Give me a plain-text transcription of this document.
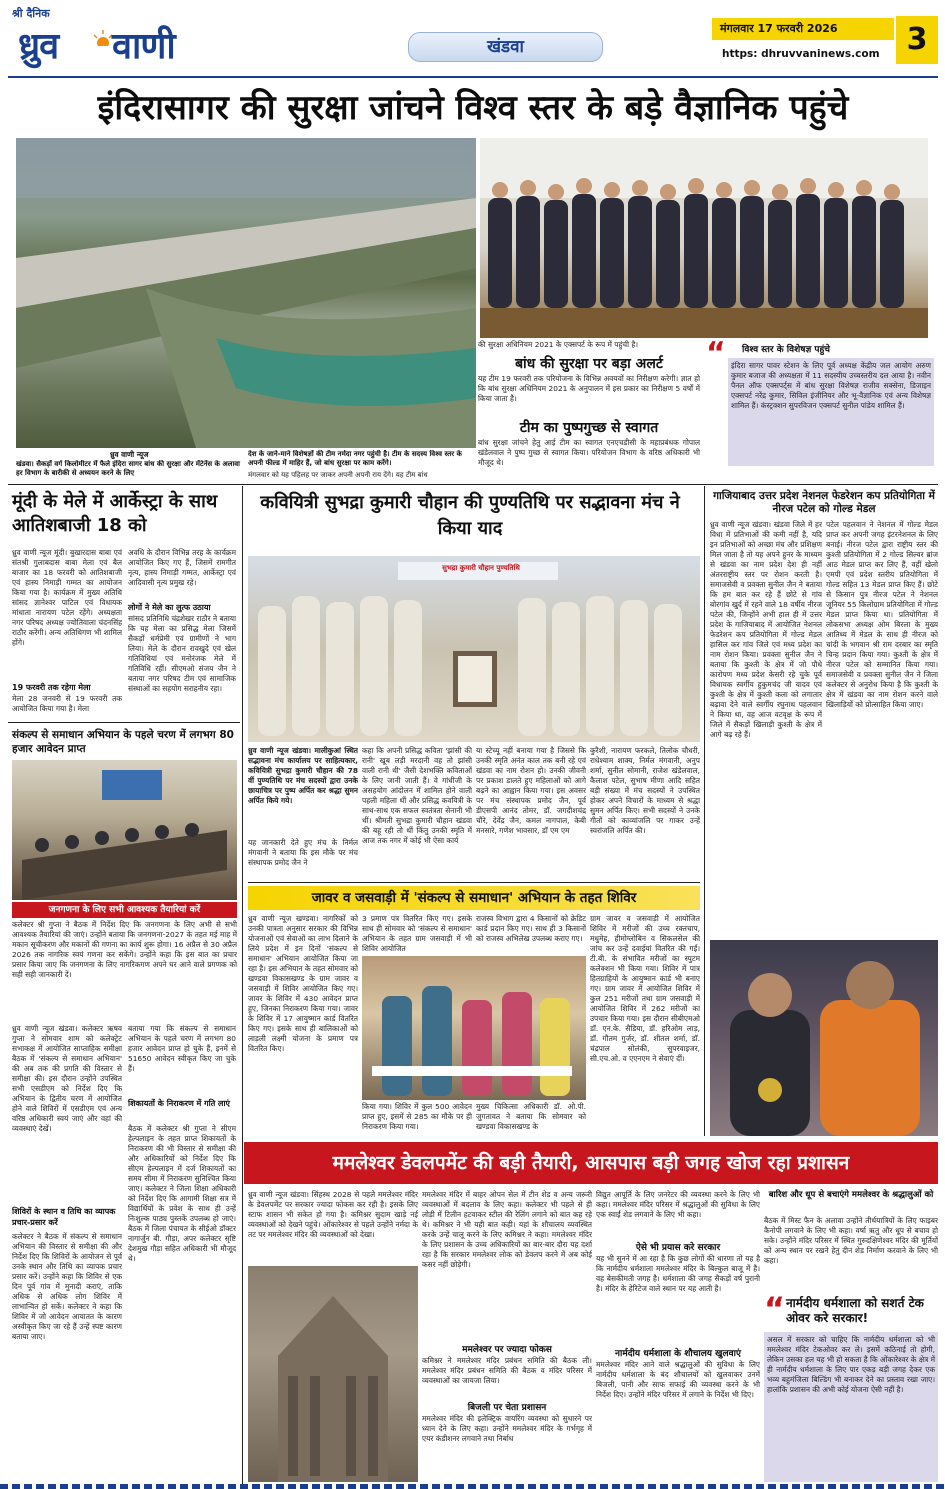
श्री दैनिक
ध्रुव वाणी	खंडवा
मंगलवार 17 फरवरी 2026
https: dhruvvaninews.com 3
इंदिरासागर की सुरक्षा जांचने विश्व स्तर के बड़े वैज्ञानिक पहुंचे
की सुरक्षा अधिनियम 2021 के एक्सपर्ट के रूप में पहुंची है।
बांध की सुरक्षा पर बड़ा अलर्ट
यह टीम 19 फरवरी तक परियोजना के विभिन्न अवयवों का निरीक्षण करेगी। ज्ञात हो कि बांध सुरक्षा अधिनियम 2021 के अनुपालन में इस प्रकार का निरीक्षण 5 वर्षों में किया जाता है।
टीम का पुष्पगुच्छ से स्वागत
बांध सुरक्षा जांचने हेतु आई टीम का स्वागत एनएचडीसी के महाप्रबंधक गोपाल खंडेलवाल ने पुष्प गुच्छ से स्वागत किया। परियोजन विभाग के वरिष्ठ अधिकारी भी मौजूद थे।
“ विश्व स्तर के विशेषज्ञ पहुंचे
इंदिरा सागर पावर स्टेशन के लिए पूर्व अध्यक्ष केंद्रीय जल आयोग अरुण कुमार बजाज की अध्यक्षता में 11 सदस्यीय उच्चस्तरीय दल आया है। नवीन पैनल ऑफ एक्सपर्ट्स में बांध सुरक्षा विशेषज्ञ राजीव सक्सेना, डिजाइन एक्सपर्ट नरेंद्र कुमार, सिविल इंजीनियर और भू-वैज्ञानिक एवं अन्य विशेषज्ञ शामिल हैं। कंस्ट्रक्शन सुपरविजन एक्सपर्ट सुनील पांडेय शामिल हैं।
ध्रुव वाणी न्यूज
खंडवा। सैकड़ों वर्ग किलोमीटर में फैले इंदिरा सागर बांध की सुरक्षा और मेंटेनेंस के अलावा हर विभाग के बारीकी से अध्ययन करने के लिए
देश के जाने-माने विशेषज्ञों की टीम नर्मदा नगर पहुंची है। टीम के सदस्य विश्व स्तर के अपनी फील्ड में माहिर हैं, जो बांध सुरक्षा पर काम करेंगे।
मंगलवार को यह पहिलह पर जाकर अपनी अपनी राय देंगे। यह टीम बांध
मूंदी के मेले में आर्केस्ट्रा के साथ आतिशबाजी 18 को
ध्रुव वाणी न्यूज मूंदी। बुखारदास बाबा एवं संतश्री गुलाबदास बाबा मेला एवं बैल बाजार का 18 फरवरी को आतिशबाजी एवं हास्य निमाड़ी गम्मत का आयोजन किया गया है। कार्यक्रम में मुख्य अतिथि सांसद ज्ञानेश्वर पाटिल एवं विधायक मांधाता नारायण पटेल रहेंगे। अध्यक्षता नगर परिषद अध्यक्ष ज्योतिवाला चंदनसिंह राठौर करेंगी। अन्य अतिथिगण भी शामिल होंगे।
19 फरवरी तक रहेगा मेला
मेला 28 जनवरी से 19 फरवरी तक आयोजित किया गया है। मेला
अवधि के दौरान विभिन्न तरह के कार्यक्रम आयोजित किए गए हैं, जिसमें रामगीत नृत्य, हास्य निमाड़ी गम्मत, आर्केस्ट्रा एवं आदिवासी नृत्य प्रमुख रहे।
लोगों ने मेले का लुत्फ उठाया
सांसद प्रतिनिधि चंद्रशेखर राठौर ने बताया कि यह मेला का प्रसिद्ध मेला जिसमें सैकड़ों धर्मप्रेमी एवं ग्रामीणों ने भाग लिया। मेले के दौरान रावखुदे एवं खेल गतिविधियां एवं मनोरंजक मेले में गतिविधि रहीं। सीएमओ संजय जैन ने बताया नगर परिषद टीम एवं सामाजिक संस्थाओं का सहयोग सराहनीय रहा।
संकल्प से समाधान अभियान के पहले चरण में लगभग 80 हजार आवेदन प्राप्त
जनगणना के लिए सभी आवश्यक तैयारियां करें
कलेक्टर श्री गुप्ता ने बैठक में निर्देश दिए कि जनगणना के लिए अभी से सभी आवश्यक तैयारियां की जाएं। उन्होंने बताया कि जनगणना-2027 के तहत मई माह में मकान सूचीकरण और मकानों की गणना का कार्य शुरू होगा। 16 अप्रैल से 30 अप्रैल 2026 तक नागरिक स्वयं गणना कर सकेंगे। उन्होंने कहा कि इस बात का प्रचार प्रसार किया जाए कि जनगणना के लिए नागरिकगण अपने घर आने वाले प्रगणक को सही सही जानकारी दें।
ध्रुव वाणी न्यूज खंडवा। कलेक्टर ऋषव गुप्ता ने सोमवार शाम को कलेक्ट्रेट सभाकक्ष में आयोजित साप्ताहिक समीक्षा बैठक में 'संकल्प से समाधान अभियान' की अब तक की प्रगति की विस्तार से समीक्षा की। इस दौरान उन्होंने उपस्थित सभी एसडीएम को निर्देश दिए कि अभियान के द्वितीय चरण में आयोजित होने वाले शिविरों में एसडीएम एवं अन्य वरिष्ठ अधिकारी स्वयं जाएं और वहां की व्यवस्थाएं देखें।
शिविरों के स्थान व तिथि का व्यापक प्रचार-प्रसार करें
कलेक्टर ने बैठक में संकल्प से समाधान अभियान की विस्तार से समीक्षा की और निर्देश दिए कि शिविरों के आयोजन से पूर्व उनके स्थान और तिथि का व्यापक प्रचार प्रसार करें। उन्होंने कहा कि शिविर से एक दिन पूर्व गांव में मुनादी कराएं, ताकि अधिक से अधिक लोग शिविर में लाभान्वित हो सकें। कलेक्टर ने कहा कि शिविर में जो आवेदन आयातत के कारण अस्वीकृत किए जा रहे हैं उन्हें स्पष्ट कारण बताया जाए।
बताया गया कि संकल्प से समाधान अभियान के पहले चरण में लगभग 80 हजार आवेदन प्राप्त हो चुके हैं, इनमें से 51650 आवेदन स्वीकृत किए जा चुके हैं।
शिकायतों के निराकरण में गति लाएं
बैठक में कलेक्टर श्री गुप्ता ने सीएम हेल्पलाइन के तहत प्राप्त शिकायतों के निराकरण की भी विस्तार से समीक्षा की और अधिकारियों को निर्देश दिए कि सीएम हेल्पलाइन में दर्ज शिकायतों का समय सीमा में निराकरण सुनिश्चित किया जाए। कलेक्टर ने जिला शिक्षा अधिकारी को निर्देश दिए कि आगामी शिक्षा सत्र में विद्यार्थियों के प्रवेश के साथ ही उन्हें निःशुल्क पाठ्य पुस्तकें उपलब्ध हो जाएं। बैठक में जिला पंचायत के सीईओ डॉक्टर नागार्जुन बी. गौड़ा, अपर कलेक्टर सृष्टि देशमुख गौड़ा सहित अधिकारी भी मौजूद थे।
कवियित्री सुभद्रा कुमारी चौहान की पुण्यतिथि पर सद्भावना मंच ने किया याद
सुभद्रा कुमारी चौहान पुण्यतिथि
ध्रुव वाणी न्यूज खंडवा। मालीकुआं स्थित सद्भावना मंच कार्यालय पर साहित्यकार, कवियित्री सुभद्रा कुमारी चौहान की 78 वीं पुण्यतिथि पर मंच सदस्यों द्वारा उनके छायाचित्र पर पुष्प अर्पित कर श्रद्धा सुमन अर्पित किये गये।
यह जानकारी देते हुए मंच के निर्मल मंगवानी ने बताया कि इस मौके पर मंच संस्थापक प्रमोद जैन ने
कहा कि अपनी प्रसिद्ध कविता 'झांसी की रानी' खूब लड़ी मरदानी वह तो झांसी वाली रानी थी' जैसी देशभक्ति कविताओं के लिए जानी जाती हैं। वे गांधीजी के असहयोग आंदोलन में शामिल होने वाली पहली महिला थीं और प्रसिद्ध कवयित्री के साथ-साथ एक सफल स्वतंत्रता सेनानी भी थीं। श्रीमती सुभद्रा कुमारी चौहान खंडवा की बहू रही तो थीं किंतु उनकी स्मृति में आज तक नगर में कोई भी ऐसा कार्य
या स्टेच्यू नहीं बनाया गया है जिससे कि उनकी स्मृति अनंत काल तक बनी रहे एवं खंडवा का नाम रोशन हो। उनकी जीवनी पर प्रकाश डालते हुए महिलाओं को आगे बढ़ने का आह्वान किया गया। इस अवसर पर मंच संस्थापक प्रमोद जैन, पूर्व डीएसपी आनंद तोमर, डॉ. जगदीशचंद्र चौरे, देवेंद्र जैन, कमल नागपाल, केबी मनसारे, गणेश भावसार, डॉ एम एम
कुरैशी, नारायण फरकले, तिलोक चौधरी, राधेश्याम शाक्य, निर्मल मंगवानी, अनुप शर्मा, सुनील सोमानी, राजेश खंडेलवाल, कैलाश पटेल, सुभाष मीणा आदि सहित बड़ी संख्या में मंच सदस्यों ने उपस्थित होकर अपने विचारों के माध्यम से श्रद्धा सुमन अर्पित किए। सभी सदस्यों ने उनके गीतों को काव्यांजलि पर गाकर उन्हें स्वरांजलि अर्पित की।
जावर व जसवाड़ी में 'संकल्प से समाधान' अभियान के तहत शिविर
ध्रुव वाणी न्यूज खण्डवा। नागरिकों को उनकी पात्रता अनुसार सरकार की विभिन्न योजनाओं एवं सेवाओं का लाभ दिलाने के लिये प्रदेश में इन दिनों 'संकल्प से समाधान' अभियान आयोजित किया जा रहा है। इस अभियान के तहत सोमवार को खण्डवा विकासखण्ड के ग्राम जावर व जसवाड़ी में शिविर आयोजित किए गए। जावर के शिविर में 430 आवेदन प्राप्त हुए, जिनका निराकरण किया गया। जावर के शिविर में 17 आयुष्मान कार्ड वितरित किए गए। इसके साथ ही बालिकाओं को लाड़ली लक्ष्मी योजना के प्रमाण पत्र वितरित किए।
3 प्रमाण पत्र वितरित किए गए। इसके साथ ही सोमवार को 'संकल्प से समाधान' अभियान के तहत ग्राम जसवाड़ी में भी शिविर आयोजित
राजस्व विभाग द्वारा 4 किसानों को क्रेडिट कार्ड प्रदान किए गए। साथ ही 3 किसानों को राजस्व अभिलेख उपलब्ध कराए गए।
किया गया। शिविर में कुल 500 आवेदन प्राप्त हुए, इसमें से 285 का मौके पर ही निराकरण किया गया।
मुख्य चिकित्सा अधिकारी डॉ. ओ.पी. जुगतावत ने बताया कि सोमवार को खण्डवा विकासखण्ड के
ग्राम जावर व जसवाड़ी में आयोजित शिविर में मरीजों की उच्च रक्तचाप, मधुमेह, हीमोग्लोबिन व सिकलसेल की जांच कर उन्हें दवाईयां वितरित की गईं। टी.बी. के संभावित मरीजों का स्पुटम कलेक्शन भी किया गया। शिविर में पात्र हितग्राहियों के आयुष्मान कार्ड भी बनाए गए। ग्राम जावर में आयोजित शिविर में कुल 251 मरीजों तथा ग्राम जसवाड़ी में आयोजित शिविर में 262 मरीजों का उपचार किया गया। इस दौरान सीबीएमओ डॉ. एन.के. सैडिया, डॉ. हरिओम लाड़, डॉ. गौतम गुर्जर, डॉ. शीतल शर्मा, डॉ. चंद्रपाल सोलंकी, सुपरवाइजर, सी.एच.ओ. व एएनएम ने सेवाएं दीं।
गाजियाबाद उत्तर प्रदेश नेशनल फेडरेशन कप प्रतियोगिता में नीरज पटेल को गोल्ड मेडल
ध्रुव वाणी न्यूज खंडवा। खंडवा जिले में हर विधा में प्रतिभाओं की कमी नहीं है, यदि इन प्रतिभाओं को अच्छा मंच और प्रशिक्षण मिल जाता है तो यह अपने हुनर के माध्यम से खंडवा का नाम प्रदेश देश ही नहीं अंतरराष्ट्रीय स्तर पर रोशन करती है। समाजसेवी व प्रवक्ता सुनील जैन ने बताया कि हम बात कर रहे हैं छोटे से गांव बोरगांव खुर्द में रहने वाले 18 वर्षीय नीरज पटेल की, जिन्होंने अभी हाल ही में उत्तर प्रदेश के गाजियाबाद में आयोजित नेशनल फेडरेशन कप प्रतियोगिता में गोल्ड मेडल हासिल कर गांव जिले एवं मध्य प्रदेश का नाम रोशन किया। प्रवक्ता सुनील जैन ने बताया कि कुश्ती के क्षेत्र में जो पौधे कारोपण मध्य प्रदेश केसरी रहे चुके पूर्व विधायक स्वर्गीय हुकुमचंद जी यादव एवं कुश्ती के क्षेत्र में कुश्ती कला को लगातार बढ़ावा देने वाले स्वर्गीय रघुनाथ पहलवान ने किया था, वह आज वटवृक्ष के रूप में जिले में सैकड़ों खिलाड़ी कुश्ती के क्षेत्र में आगे बढ़ रहे हैं।
पटेल पहलवान ने नेशनल में गोल्ड मेडल प्राप्त कर अपनी जगह इंटरनेशनल के लिए बनाई। नीरज पटेल द्वारा राष्ट्रीय स्तर की कुश्ती प्रतियोगिता में 2 गोल्ड सिल्वर ब्रांज आठ मेडल प्राप्त कर लिए हैं, वहीं खेलो एमपी एवं प्रदेश स्तरीय प्रतियोगिता में गोल्ड सहित 13 मेडल प्राप्त किए हैं। छोटे से किसान पुत्र नीरज पटेल ने नेशनल जूनियर 55 किलोग्राम प्रतियोगिता में गोल्ड मेडल प्राप्त किया था। प्रतियोगिता में लोकसभा अध्यक्ष ओम बिरला के मुख्य आतिथ्य में मेडल के साथ ही नीरज को चांदी के भगवान श्री राम दरबार का स्मृति चिन्ह प्रदान किया गया। कुश्ती के क्षेत्र में नीरज पटेल को सम्मानित किया गया। समाजसेवी व प्रवक्ता सुनील जैन ने जिला कलेक्टर से अनुरोध किया है कि कुश्ती के क्षेत्र में खंडवा का नाम रोशन करने वाले खिलाड़ियों को प्रोत्साहित किया जाए।
ममलेश्वर डेवलपमेंट की बड़ी तैयारी, आसपास बड़ी जगह खोज रहा प्रशासन
ध्रुव वाणी न्यूज खंडवा। सिंहस्थ 2028 से पहले ममलेश्वर मंदिर के डेवलपमेंट पर सरकार ज्यादा फोकस कर रही है। इसके लिए स्टाफ शासन भी सकेत हो गया है। कमिश्नर सुदाम खाड़े नई व्यवस्थाओं को देखने पहुंचे। ओंकारेश्वर से पहले उन्होंने नर्मदा के तट पर ममलेश्वर मंदिर की व्यवस्थाओं को देखा।
ममलेश्वर मंदिर में बाहर ओपन सेल में टीन शेड व अन्य जरूरी व्यवस्थाओं में बदलाव के लिए कहा। कलेक्टर भी पहले से ही लोड़ी में टिलीन हटवाकर स्टील की रेलिंग लगाने को बात कह रहे थे। कमिश्नर ने भी यही बात कही। यहां के शौचालय व्यवस्थित करके उन्हें चालू करने के लिए कमिश्नर ने कहा। ममलेश्वर मंदिर के लिए प्रशासन के उच्च अधिकारियों का बार-बार दौरा यह दर्शा रहा है कि सरकार ममलेश्वर लोक को डेवलप करने में अब कोई कसर नहीं छोड़ेगी।
ममलेश्वर पर ज्यादा फोकस
कमिश्नर ने ममलेश्वर मंदिर प्रबंधन समिति की बैठक ली। ममलेश्वर मंदिर प्रबंधन समिति की बैठक व मंदिर परिसर में व्यवस्थाओं का जायजा लिया।
बिजली पर चेता प्रशासन
ममलेश्वर मंदिर की इलेक्ट्रिक वायरिंग व्यवस्था को सुधारने पर ध्यान देने के लिए कहा। उन्होंने ममलेश्वर मंदिर के गर्भगृह में एयर कंडीशनर लगवाने तथा निर्बाध
विद्युत आपूर्ति के लिए जनरेटर की व्यवस्था करने के लिए भी कहा। ममलेश्वर मंदिर परिसर में श्रद्धालुओं की सुविधा के लिए एक स्वाईं शेड लगवाने के लिए भी कहा।
ऐसे भी प्रयास करे सरकार
यह भी सुनने में आ रहा है कि कुछ लोगों की धारणा तो यह है कि नार्मदीय धर्मशाला ममलेश्वर मंदिर के बिल्कुल बाजू में है। वह बेसकीमती जगह है। धर्मशाला की जगह सैकड़ों वर्ष पुरानी है। मंदिर के हेरिटेज वाले स्थान पर यह आती है।
नार्मदीय धर्मशाला के शौचालय खुलवाएं
ममलेश्वर मंदिर आने वाले श्रद्धालुओं की सुविधा के लिए नार्मदीय धर्मशाला के बंद शौचालयों को खुलवाकर उनमें बिजली, पानी और साफ सफाई की व्यवस्था करने के भी निर्देश दिए। उन्होंने मंदिर परिसर में लगाने के निर्देश भी दिए।
बारिश और धूप से बचाएंगे ममलेश्वर के श्रद्धालुओं को
बैठक में मिस्ट फैन के अलावा उन्होंने तीर्थयात्रियों के लिए फाइबर कैनोपी लगवाने के लिए भी कहा। वर्षा ऋतु और धूप से बचाव हो सके। उन्होंने मंदिर परिसर में स्थित गुरुदक्षिणेश्वर मंदिर की मूर्तियों को अन्य स्थान पर रखने हेतु दीन शेड निर्माण करवाने के लिए भी कहा।
“ नार्मदीय धर्मशाला को सशर्त टेक ओवर करे सरकार!
असल में सरकार को चाहिए कि नार्मदीय धर्मशाला को भी ममलेश्वर मंदिर टेकओवर कर ले। इसमें कठिनाई तो होगी, लेकिन उसका हल यह भी हो सकता है कि ओंकारेश्वर के क्षेत्र में ही नार्मदीय धर्मशाला के लिए पार एकड़ बड़ी जगह देकर एक भव्य बहुमंजिला बिल्डिंग भी बनाकर देने का प्रस्ताव रखा जाए। हालांकि प्रशासन की अभी कोई योजना ऐसी नहीं है।
